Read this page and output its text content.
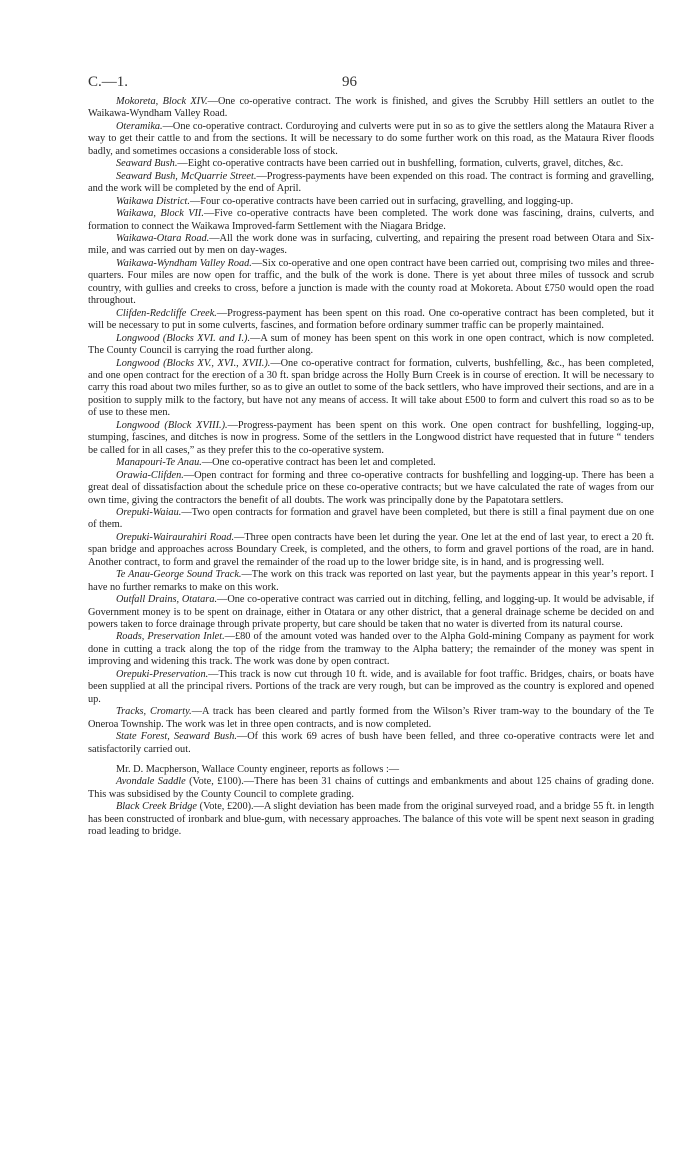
C.—1.	96

Mokoreta, Block XIV.—One co-operative contract. The work is finished, and gives the Scrubby Hill settlers an outlet to the Waikawa-Wyndham Valley Road.

Oteramika.—One co-operative contract. Corduroying and culverts were put in so as to give the settlers along the Mataura River a way to get their cattle to and from the sections. It will be necessary to do some further work on this road, as the Mataura River floods badly, and sometimes occasions a considerable loss of stock.

Seaward Bush.—Eight co-operative contracts have been carried out in bushfelling, formation, culverts, gravel, ditches, &c.

Seaward Bush, McQuarrie Street.—Progress-payments have been expended on this road. The contract is forming and gravelling, and the work will be completed by the end of April.

Waikawa District.—Four co-operative contracts have been carried out in surfacing, gravelling, and logging-up.

Waikawa, Block VII.—Five co-operative contracts have been completed. The work done was fascining, drains, culverts, and formation to connect the Waikawa Improved-farm Settlement with the Niagara Bridge.

Waikawa-Otara Road.—All the work done was in surfacing, culverting, and repairing the present road between Otara and Six-mile, and was carried out by men on day-wages.

Waikawa-Wyndham Valley Road.—Six co-operative and one open contract have been carried out, comprising two miles and three-quarters. Four miles are now open for traffic, and the bulk of the work is done. There is yet about three miles of tussock and scrub country, with gullies and creeks to cross, before a junction is made with the county road at Mokoreta. About £750 would open the road throughout.

Clifden-Redcliffe Creek.—Progress-payment has been spent on this road. One co-operative contract has been completed, but it will be necessary to put in some culverts, fascines, and formation before ordinary summer traffic can be properly maintained.

Longwood (Blocks XVI. and I.).—A sum of money has been spent on this work in one open contract, which is now completed. The County Council is carrying the road further along.

Longwood (Blocks XV., XVI., XVII.).—One co-operative contract for formation, culverts, bushfelling, &c., has been completed, and one open contract for the erection of a 30 ft. span bridge across the Holly Burn Creek is in course of erection. It will be necessary to carry this road about two miles further, so as to give an outlet to some of the back settlers, who have improved their sections, and are in a position to supply milk to the factory, but have not any means of access. It will take about £500 to form and culvert this road so as to be of use to these men.

Longwood (Block XVIII.).—Progress-payment has been spent on this work. One open contract for bushfelling, logging-up, stumping, fascines, and ditches is now in progress. Some of the settlers in the Longwood district have requested that in future “ tenders be called for in all cases,” as they prefer this to the co-operative system.

Manapouri-Te Anau.—One co-operative contract has been let and completed.

Orawia-Clifden.—Open contract for forming and three co-operative contracts for bushfelling and logging-up. There has been a great deal of dissatisfaction about the schedule price on these co-operative contracts; but we have calculated the rate of wages from our own time, giving the contractors the benefit of all doubts. The work was principally done by the Papatotara settlers.

Orepuki-Waiau.—Two open contracts for formation and gravel have been completed, but there is still a final payment due on one of them.

Orepuki-Wairaurahiri Road.—Three open contracts have been let during the year. One let at the end of last year, to erect a 20 ft. span bridge and approaches across Boundary Creek, is completed, and the others, to form and gravel portions of the road, are in hand. Another contract, to form and gravel the remainder of the road up to the lower bridge site, is in hand, and is progressing well.

Te Anau-George Sound Track.—The work on this track was reported on last year, but the payments appear in this year’s report. I have no further remarks to make on this work.

Outfall Drains, Otatara.—One co-operative contract was carried out in ditching, felling, and logging-up. It would be advisable, if Government money is to be spent on drainage, either in Otatara or any other district, that a general drainage scheme be decided on and powers taken to force drainage through private property, but care should be taken that no water is diverted from its natural course.

Roads, Preservation Inlet.—£80 of the amount voted was handed over to the Alpha Gold-mining Company as payment for work done in cutting a track along the top of the ridge from the tramway to the Alpha battery; the remainder of the money was spent in improving and widening this track. The work was done by open contract.

Orepuki-Preservation.—This track is now cut through 10 ft. wide, and is available for foot traffic. Bridges, chairs, or boats have been supplied at all the principal rivers. Portions of the track are very rough, but can be improved as the country is explored and opened up.

Tracks, Cromarty.—A track has been cleared and partly formed from the Wilson’s River tram-way to the boundary of the Te Oneroa Township. The work was let in three open contracts, and is now completed.

State Forest, Seaward Bush.—Of this work 69 acres of bush have been felled, and three co-operative contracts were let and satisfactorily carried out.

Mr. D. Macpherson, Wallace County engineer, reports as follows :—

Avondale Saddle (Vote, £100).—There has been 31 chains of cuttings and embankments and about 125 chains of grading done. This was subsidised by the County Council to complete grading.

Black Creek Bridge (Vote, £200).—A slight deviation has been made from the original surveyed road, and a bridge 55 ft. in length has been constructed of ironbark and blue-gum, with necessary approaches. The balance of this vote will be spent next season in grading road leading to bridge.
